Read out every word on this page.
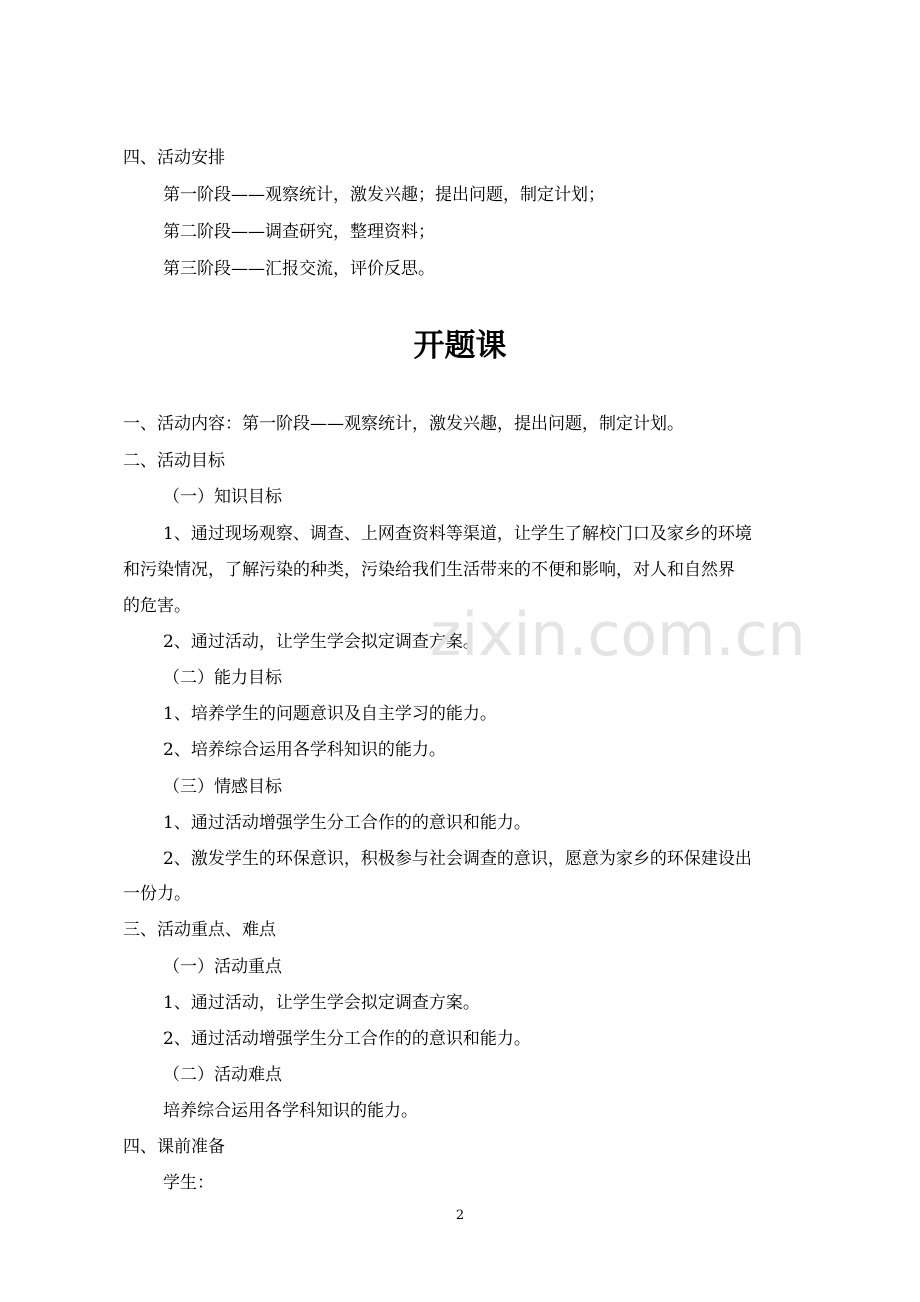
四、活动安排
第一阶段——观察统计，激发兴趣；提出问题，制定计划；
第二阶段——调查研究，整理资料；
第三阶段——汇报交流，评价反思。
开题课
一、活动内容：第一阶段——观察统计，激发兴趣，提出问题，制定计划。
二、活动目标
（一）知识目标
1、通过现场观察、调查、上网查资料等渠道，让学生了解校门口及家乡的环境
和污染情况，了解污染的种类，污染给我们生活带来的不便和影响，对人和自然界
的危害。
2、通过活动，让学生学会拟定调查方案。
（二）能力目标
1、培养学生的问题意识及自主学习的能力。
2、培养综合运用各学科知识的能力。
（三）情感目标
1、通过活动增强学生分工合作的的意识和能力。
2、激发学生的环保意识，积极参与社会调查的意识，愿意为家乡的环保建设出
一份力。
三、活动重点、难点
（一）活动重点
1、通过活动，让学生学会拟定调查方案。
2、通过活动增强学生分工合作的的意识和能力。
（二）活动难点
培养综合运用各学科知识的能力。
四、课前准备
学生：
zixin.com.cn
2
